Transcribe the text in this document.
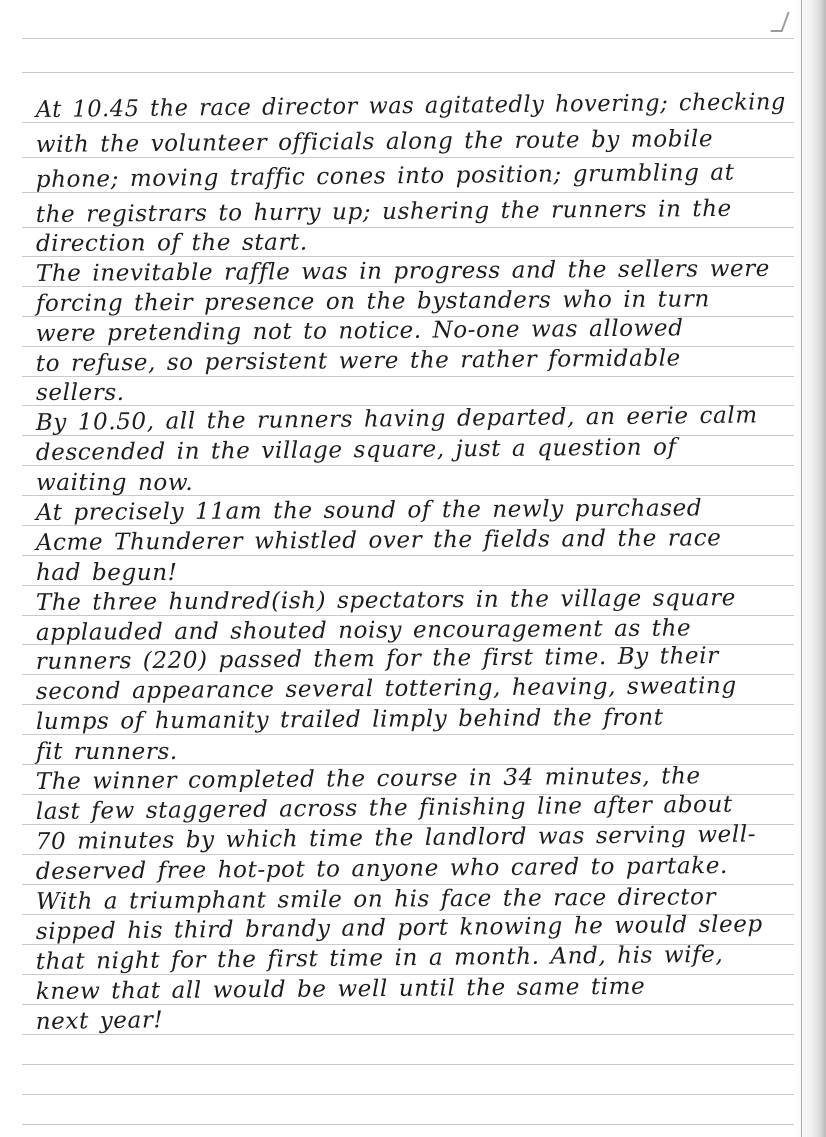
At 10.45 the race director was agitatedly hovering; checking
with the volunteer officials along the route by mobile
phone; moving traffic cones into position; grumbling at
the registrars to hurry up; ushering the runners in the
direction of the start.
The inevitable raffle was in progress and the sellers were
forcing their presence on the bystanders who in turn
were pretending not to notice. No-one was allowed
to refuse, so persistent were the rather formidable
sellers.
By 10.50, all the runners having departed, an eerie calm
descended in the village square, just a question of
waiting now.
At precisely 11am the sound of the newly purchased
Acme Thunderer whistled over the fields and the race
had begun!
The three hundred(ish) spectators in the village square
applauded and shouted noisy encouragement as the
runners (220) passed them for the first time. By their
second appearance several tottering, heaving, sweating
lumps of humanity trailed limply behind the front
fit runners.
The winner completed the course in 34 minutes, the
last few staggered across the finishing line after about
70 minutes by which time the landlord was serving well-
deserved free hot-pot to anyone who cared to partake.
With a triumphant smile on his face the race director
sipped his third brandy and port knowing he would sleep
that night for the first time in a month. And, his wife,
knew that all would be well until the same time
next year!
